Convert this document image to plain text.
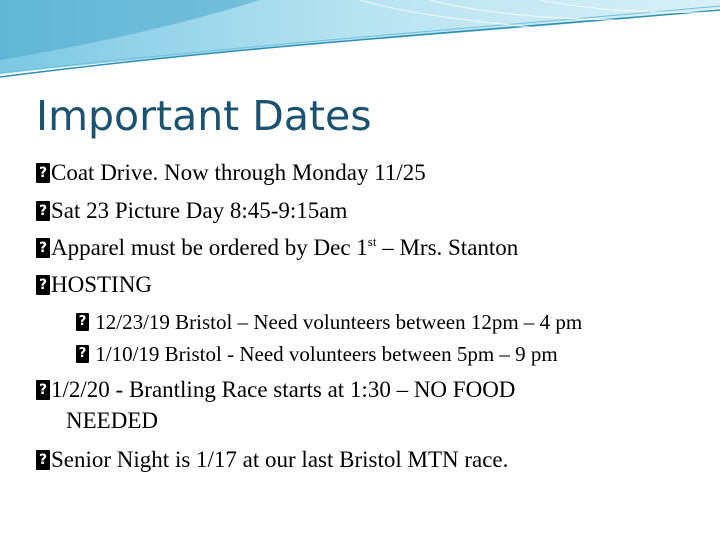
Important Dates
?Coat Drive. Now through Monday 11/25
?Sat 23 Picture Day 8:45-9:15am
?Apparel must be ordered by Dec 1st – Mrs. Stanton
?HOSTING
? 12/23/19 Bristol – Need volunteers between 12pm – 4 pm
? 1/10/19 Bristol - Need volunteers between 5pm – 9 pm
?1/2/20 - Brantling Race starts at 1:30 – NO FOOD
NEEDED
?Senior Night is 1/17 at our last Bristol MTN race.
